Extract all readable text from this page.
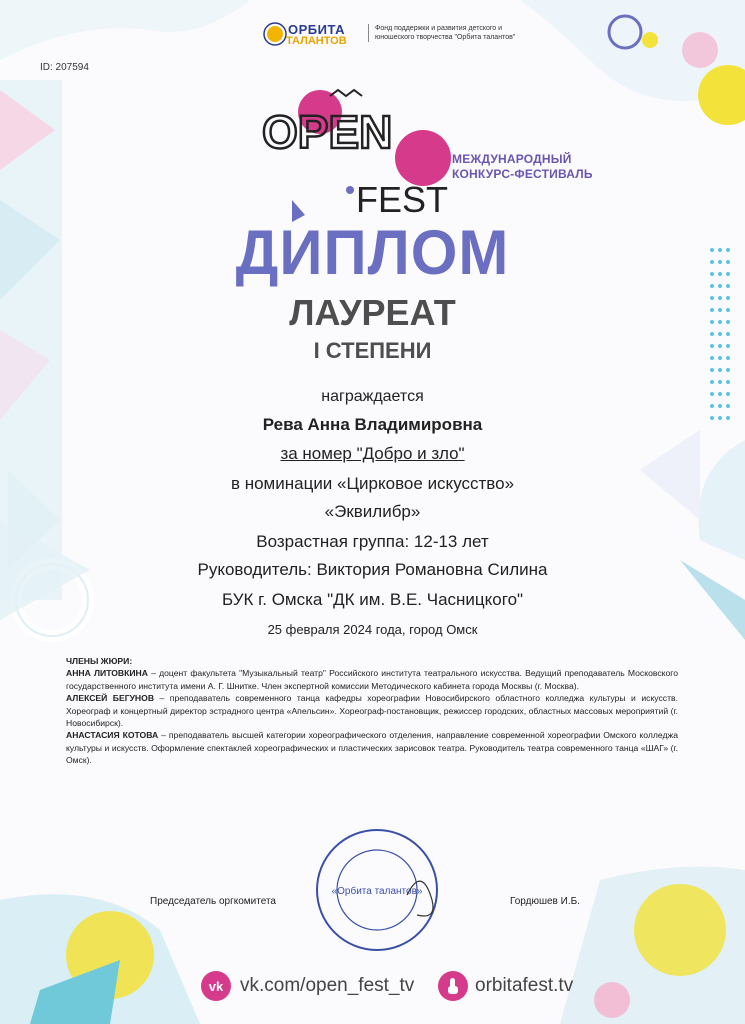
OPEN
FEST
ID: 207594
ОРБИТА
ТАЛАНТОВ
Фонд поддержки и развития детского и юношеского творчества "Орбита талантов"
МЕЖДУНАРОДНЫЙ
КОНКУРС-ФЕСТИВАЛЬ
ДИПЛОМ
ЛАУРЕАТ
I СТЕПЕНИ
награждается
Рева Анна Владимировна
за номер "Добро и зло"
в номинации «Цирковое искусство»
«Эквилибр»
Возрастная группа: 12-13 лет
Руководитель: Виктория Романовна Силина
БУК г. Омска "ДК им. В.Е. Часницкого"
25 февраля 2024 года, город Омск

ЧЛЕНЫ ЖЮРИ:

АННА ЛИТОВКИНА – доцент факультета "Музыкальный театр" Российского института театрального искусства. Ведущий преподаватель Московского государственного института имени А. Г. Шнитке. Член экспертной комиссии Методического кабинета города Москвы (г. Москва).

АЛЕКСЕЙ БЕГУНОВ – преподаватель современного танца кафедры хореографии Новосибирского областного колледжа культуры и искусств. Хореограф и концертный директор эстрадного центра «Апельсин». Хореограф-постановщик, режиссер городских, областных массовых мероприятий (г. Новосибирск).

АНАСТАСИЯ КОТОВА – преподаватель высшей категории хореографического отделения, направление современной хореографии Омского колледжа культуры и искусств. Оформление спектаклей хореографических и пластических зарисовок театра. Руководитель театра современного танца «ШАГ» (г. Омск).

«Орбита талантов»
Председатель оргкомитета	Гордюшев И.Б.
vk vk.com/open_fest_tv	orbitafest.tv
